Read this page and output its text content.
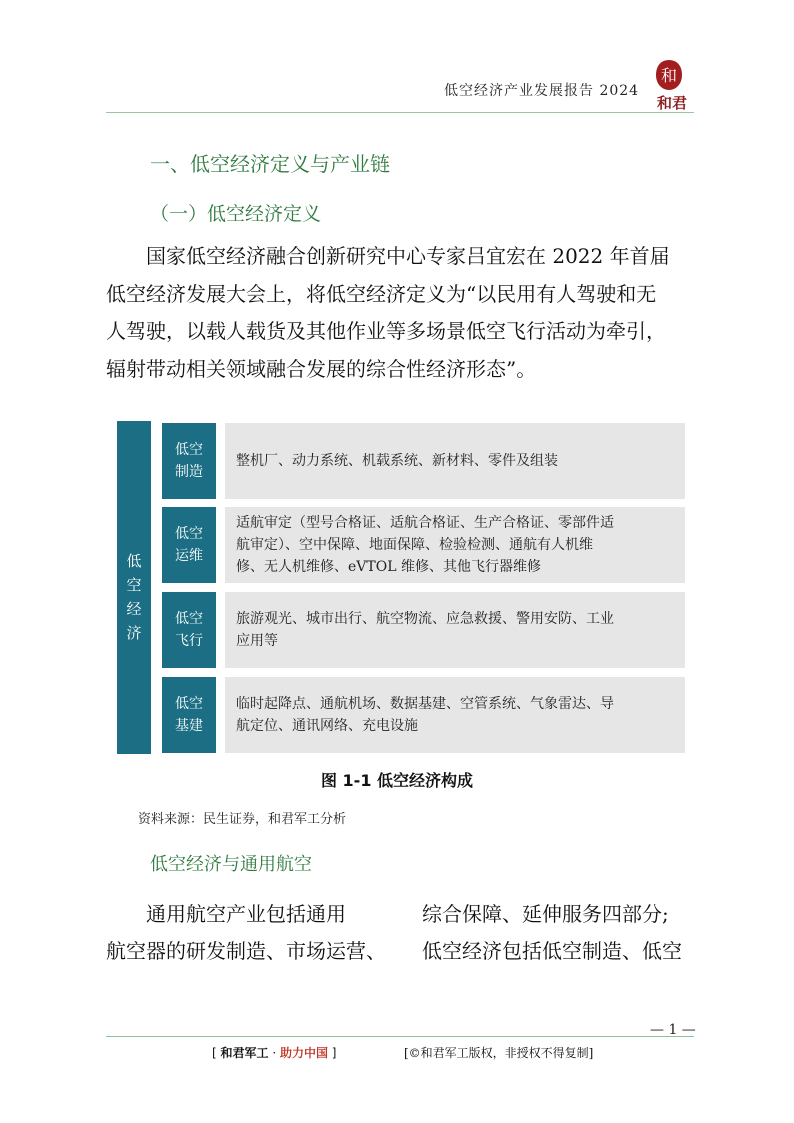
低空经济产业发展报告 2024
和
和君
一、低空经济定义与产业链
（一）低空经济定义
国家低空经济融合创新研究中心专家吕宜宏在 2022 年首届
低空经济发展大会上，将低空经济定义为“以民用有人驾驶和无
人驾驶，以载人载货及其他作业等多场景低空飞行活动为牵引，
辐射带动相关领域融合发展的综合性经济形态”。
低
空
经
济
低空
制造
整机厂、动力系统、机载系统、新材料、零件及组装
低空
运维
适航审定（型号合格证、适航合格证、生产合格证、零部件适
航审定）、空中保障、地面保障、检验检测、通航有人机维
修、无人机维修、eVTOL 维修、其他飞行器维修
低空
飞行
旅游观光、城市出行、航空物流、应急救援、警用安防、工业
应用等
低空
基建
临时起降点、通航机场、数据基建、空管系统、气象雷达、导
航定位、通讯网络、充电设施
图 1-1 低空经济构成
资料来源：民生证券，和君军工分析
低空经济与通用航空
通用航空产业包括通用
航空器的研发制造、市场运营、
综合保障、延伸服务四部分;
低空经济包括低空制造、低空
— 1 —
[ 和君军工 · 助力中国 ]	[©和君军工版权，非授权不得复制]
